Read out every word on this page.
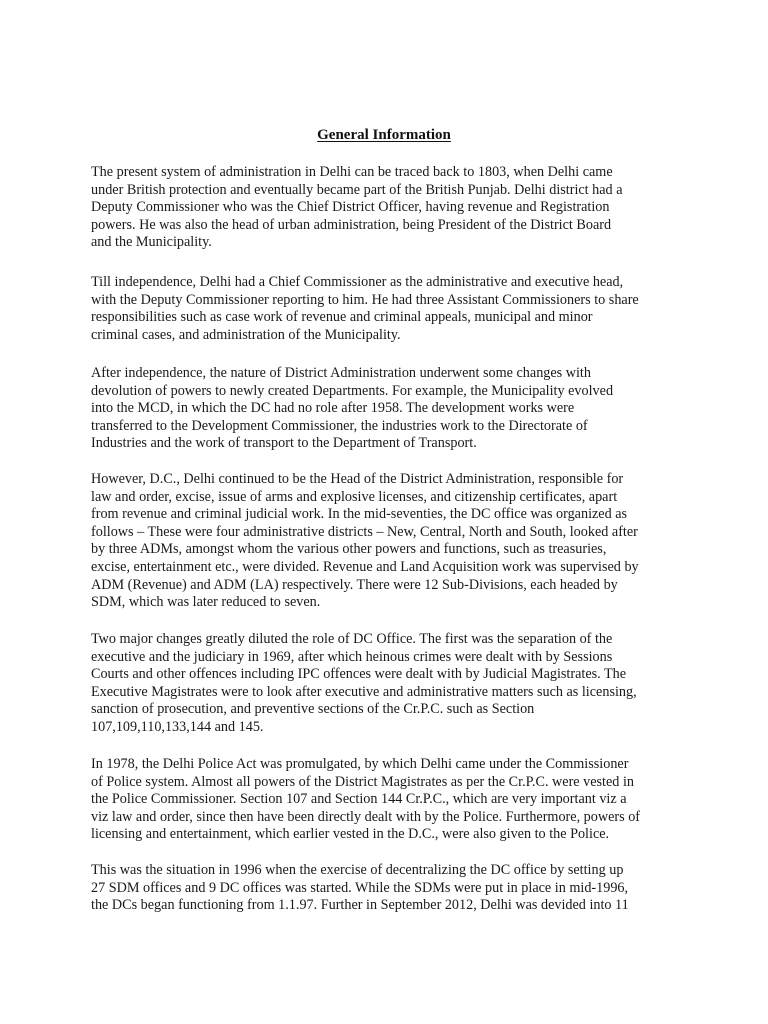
General Information

The present system of administration in Delhi can be traced back to 1803, when Delhi came
under British protection and eventually became part of the British Punjab. Delhi district had a
Deputy Commissioner who was the Chief District Officer, having revenue and Registration
powers. He was also the head of urban administration, being President of the District Board
and the Municipality.

Till independence, Delhi had a Chief Commissioner as the administrative and executive head,
with the Deputy Commissioner reporting to him. He had three Assistant Commissioners to share
responsibilities such as case work of revenue and criminal appeals, municipal and minor
criminal cases, and administration of the Municipality.

After independence, the nature of District Administration underwent some changes with
devolution of powers to newly created Departments. For example, the Municipality evolved
into the MCD, in which the DC had no role after 1958. The development works were
transferred to the Development Commissioner, the industries work to the Directorate of
Industries and the work of transport to the Department of Transport.

However, D.C., Delhi continued to be the Head of the District Administration, responsible for
law and order, excise, issue of arms and explosive licenses, and citizenship certificates, apart
from revenue and criminal judicial work. In the mid-seventies, the DC office was organized as
follows – These were four administrative districts – New, Central, North and South, looked after
by three ADMs, amongst whom the various other powers and functions, such as treasuries,
excise, entertainment etc., were divided. Revenue and Land Acquisition work was supervised by
ADM (Revenue) and ADM (LA) respectively. There were 12 Sub-Divisions, each headed by
SDM, which was later reduced to seven.

Two major changes greatly diluted the role of DC Office. The first was the separation of the
executive and the judiciary in 1969, after which heinous crimes were dealt with by Sessions
Courts and other offences including IPC offences were dealt with by Judicial Magistrates. The
Executive Magistrates were to look after executive and administrative matters such as licensing,
sanction of prosecution, and preventive sections of the Cr.P.C. such as Section
107,109,110,133,144 and 145.

In 1978, the Delhi Police Act was promulgated, by which Delhi came under the Commissioner
of Police system. Almost all powers of the District Magistrates as per the Cr.P.C. were vested in
the Police Commissioner. Section 107 and Section 144 Cr.P.C., which are very important viz a
viz law and order, since then have been directly dealt with by the Police. Furthermore, powers of
licensing and entertainment, which earlier vested in the D.C., were also given to the Police.

This was the situation in 1996 when the exercise of decentralizing the DC office by setting up
27 SDM offices and 9 DC offices was started. While the SDMs were put in place in mid-1996,
the DCs began functioning from 1.1.97. Further in September 2012, Delhi was devided into 11
